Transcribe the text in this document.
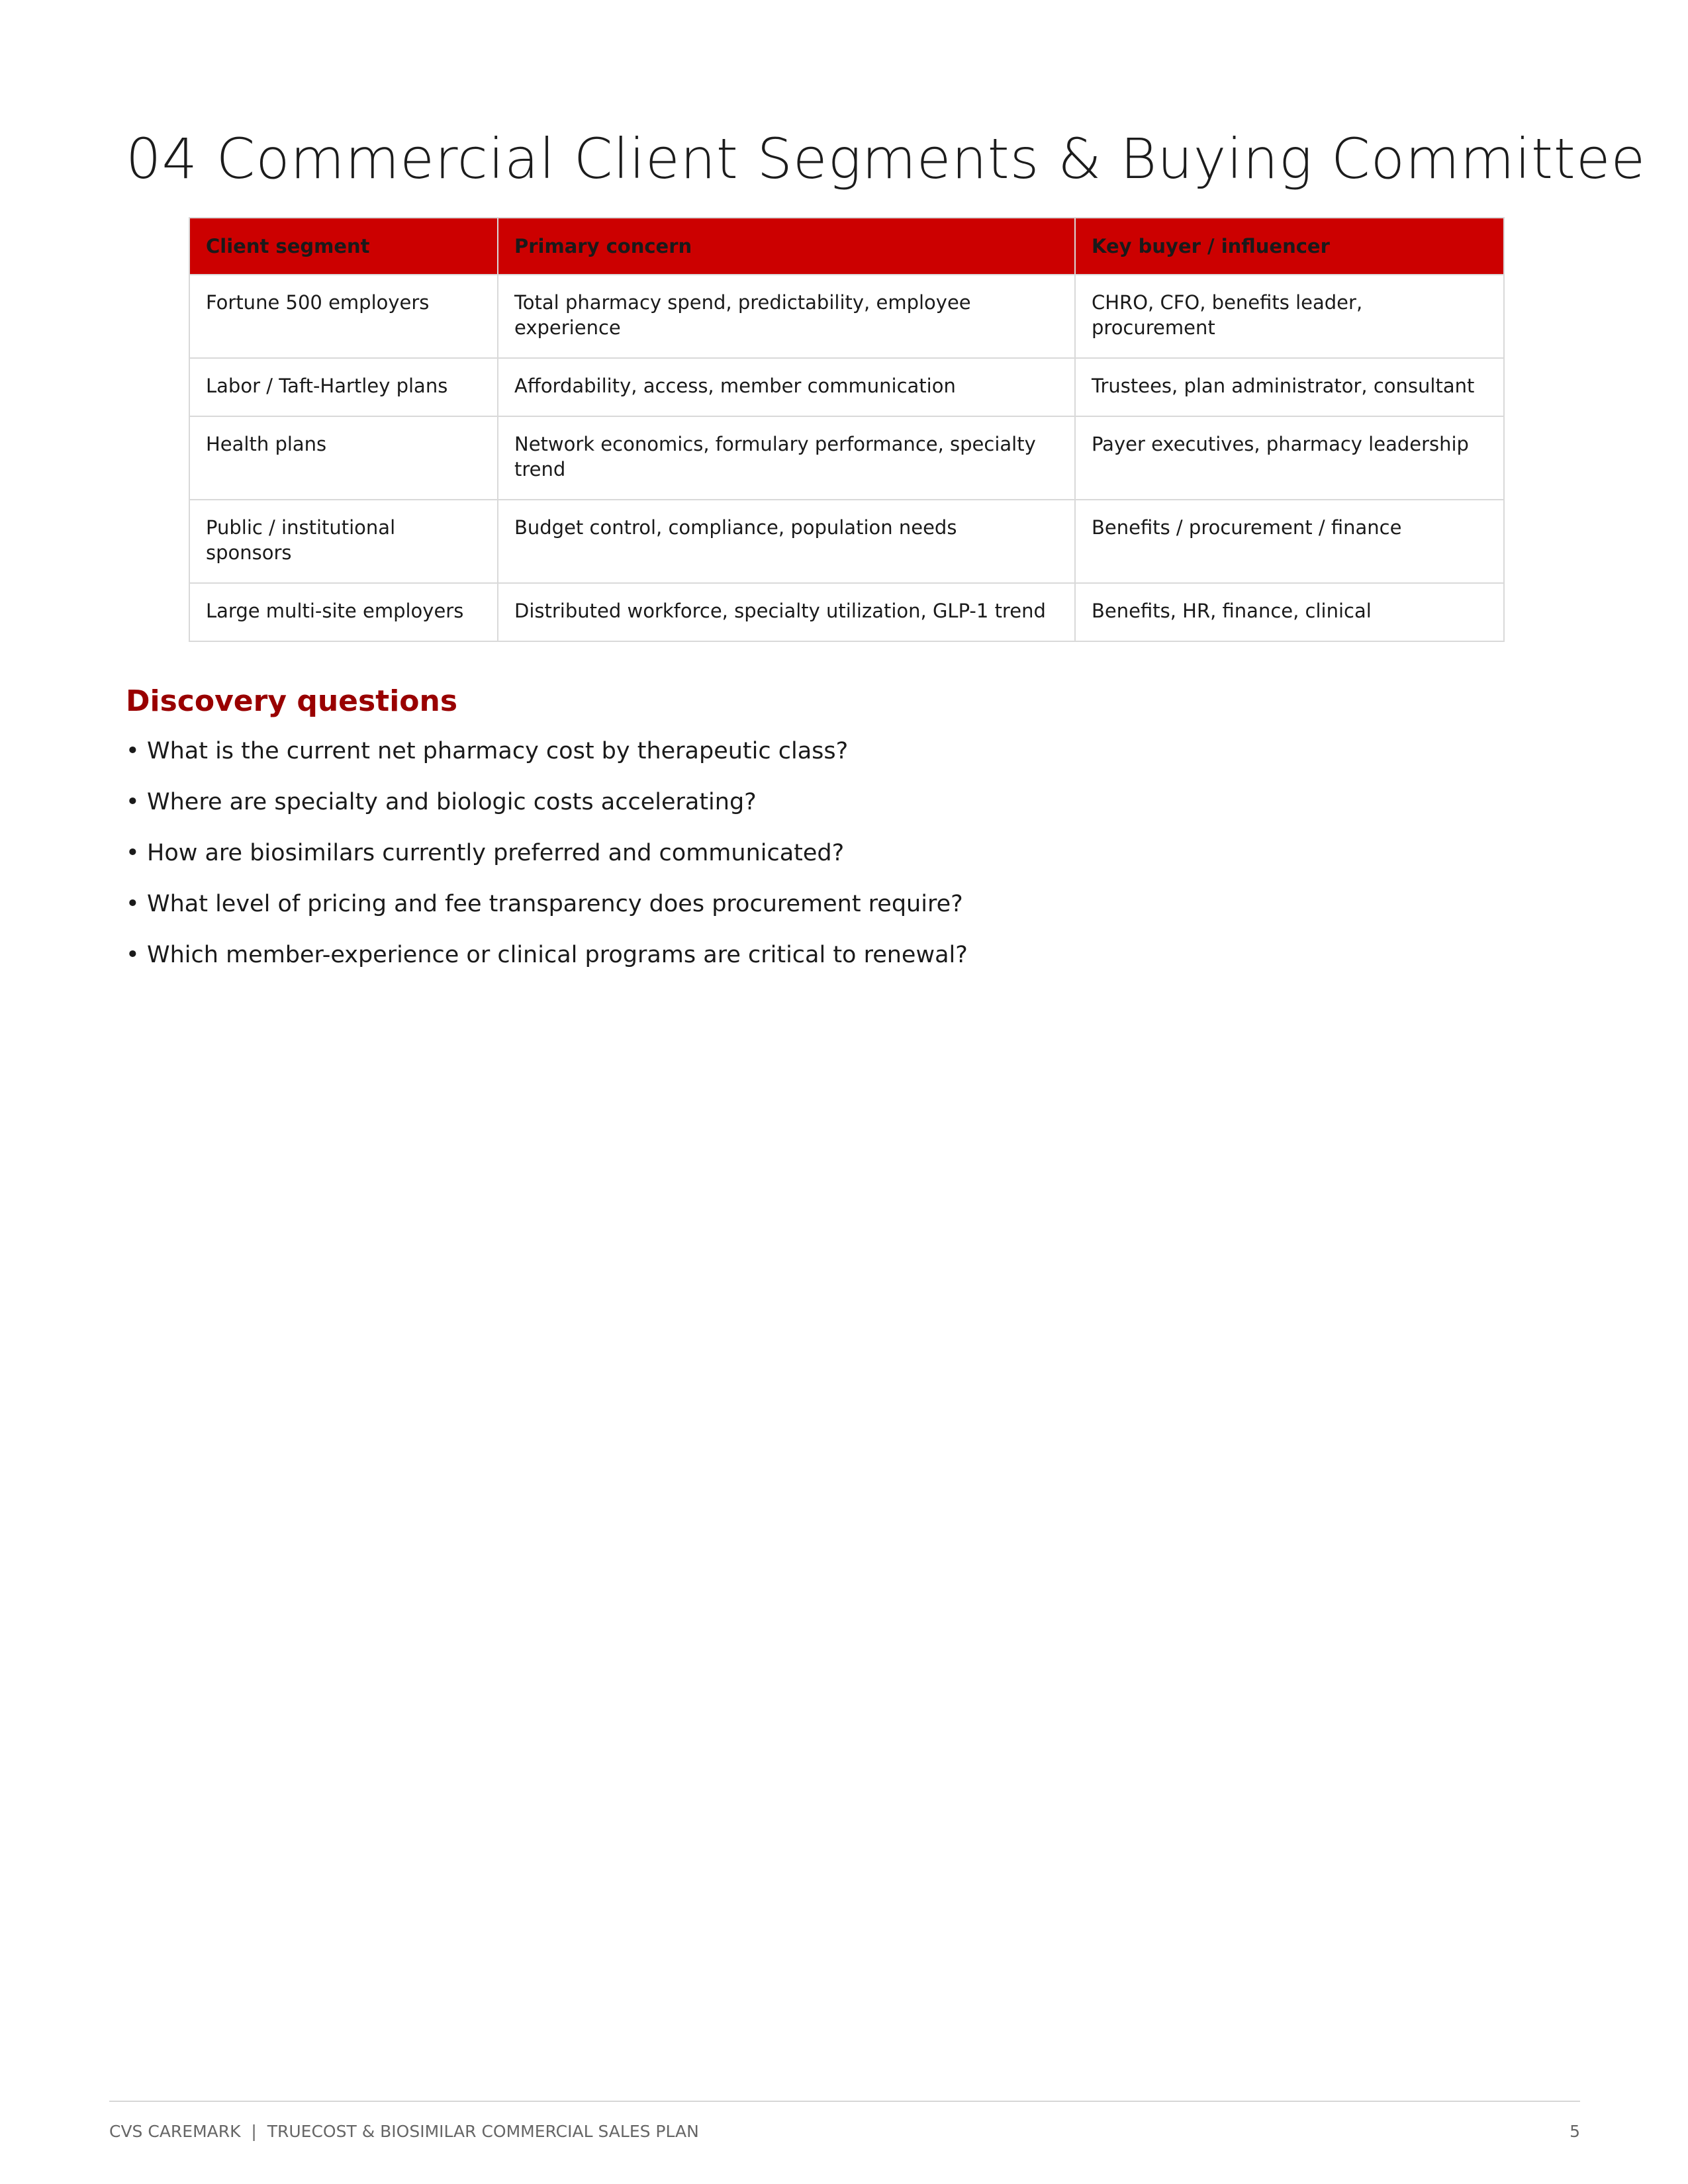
04 Commercial Client Segments & Buying Committee
Client segment	Primary concern	Key buyer / influencer
Fortune 500 employers	Total pharmacy spend, predictability, employee experience	CHRO, CFO, benefits leader, procurement
Labor / Taft-Hartley plans	Affordability, access, member communication	Trustees, plan administrator, consultant
Health plans	Network economics, formulary performance, specialty trend	Payer executives, pharmacy leadership
Public / institutional sponsors	Budget control, compliance, population needs	Benefits / procurement / finance
Large multi-site employers	Distributed workforce, specialty utilization, GLP-1 trend	Benefits, HR, finance, clinical
Discovery questions
• What is the current net pharmacy cost by therapeutic class?
• Where are specialty and biologic costs accelerating?
• How are biosimilars currently preferred and communicated?
• What level of pricing and fee transparency does procurement require?
• Which member-experience or clinical programs are critical to renewal?
CVS CAREMARK  |  TRUECOST & BIOSIMILAR COMMERCIAL SALES PLAN	5
